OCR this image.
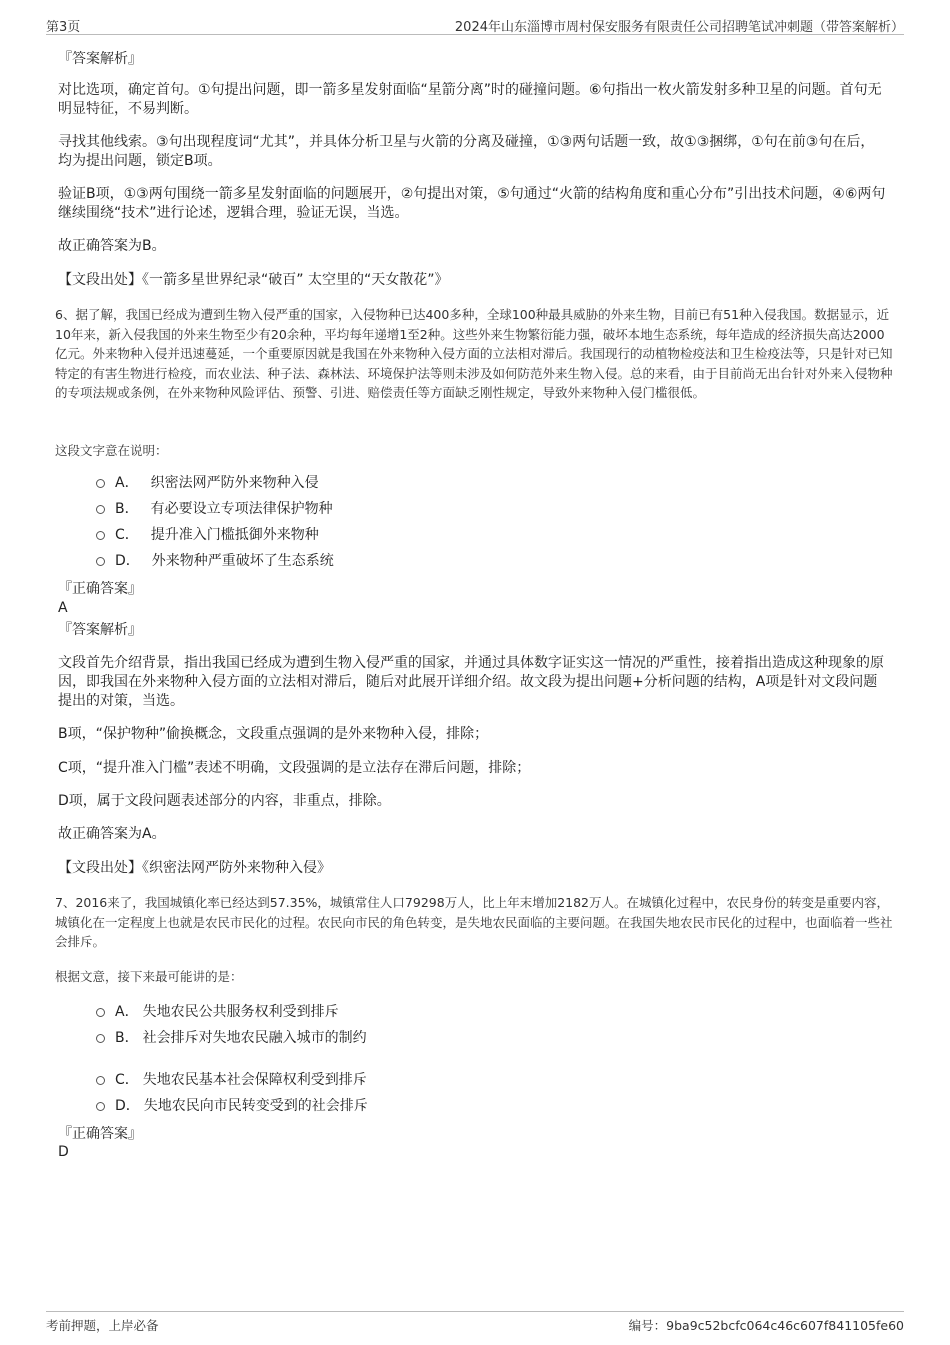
第3页	2024年山东淄博市周村保安服务有限责任公司招聘笔试冲刺题（带答案解析）
『答案解析』
对比选项，确定首句。①句提出问题，即一箭多星发射面临“星箭分离”时的碰撞问题。⑥句指出一枚火箭发射多种卫星的问题。首句无明显特征，不易判断。
寻找其他线索。③句出现程度词“尤其”，并具体分析卫星与火箭的分离及碰撞，①③两句话题一致，故①③捆绑，①句在前③句在后，均为提出问题，锁定B项。
验证B项，①③两句围绕一箭多星发射面临的问题展开，②句提出对策，⑤句通过“火箭的结构角度和重心分布”引出技术问题，④⑥两句继续围绕“技术”进行论述，逻辑合理，验证无误，当选。
故正确答案为B。
【文段出处】《一箭多星世界纪录“破百” 太空里的“天女散花”》
6、据了解，我国已经成为遭到生物入侵严重的国家，入侵物种已达400多种，全球100种最具威胁的外来生物，目前已有51种入侵我国。数据显示，近10年来，新入侵我国的外来生物至少有20余种，平均每年递增1至2种。这些外来生物繁衍能力强，破坏本地生态系统，每年造成的经济损失高达2000亿元。外来物种入侵并迅速蔓延，一个重要原因就是我国在外来物种入侵方面的立法相对滞后。我国现行的动植物检疫法和卫生检疫法等，只是针对已知特定的有害生物进行检疫，而农业法、种子法、森林法、环境保护法等则未涉及如何防范外来生物入侵。总的来看，由于目前尚无出台针对外来入侵物种的专项法规或条例，在外来物种风险评估、预警、引进、赔偿责任等方面缺乏刚性规定，导致外来物种入侵门槛很低。
这段文字意在说明：
A． 织密法网严防外来物种入侵
B． 有必要设立专项法律保护物种
C． 提升准入门槛抵御外来物种
D． 外来物种严重破坏了生态系统
『正确答案』
A
『答案解析』
文段首先介绍背景，指出我国已经成为遭到生物入侵严重的国家，并通过具体数字证实这一情况的严重性，接着指出造成这种现象的原因，即我国在外来物种入侵方面的立法相对滞后，随后对此展开详细介绍。故文段为提出问题+分析问题的结构，A项是针对文段问题提出的对策，当选。
B项，“保护物种”偷换概念，文段重点强调的是外来物种入侵，排除；
C项，“提升准入门槛”表述不明确，文段强调的是立法存在滞后问题，排除；
D项，属于文段问题表述部分的内容，非重点，排除。
故正确答案为A。
【文段出处】《织密法网严防外来物种入侵》
7、2016来了，我国城镇化率已经达到57.35%，城镇常住人口79298万人，比上年末增加2182万人。在城镇化过程中，农民身份的转变是重要内容，城镇化在一定程度上也就是农民市民化的过程。农民向市民的角色转变，是失地农民面临的主要问题。在我国失地农民市民化的过程中，也面临着一些社会排斥。
根据文意，接下来最可能讲的是：
A． 失地农民公共服务权利受到排斥
B． 社会排斥对失地农民融入城市的制约
C． 失地农民基本社会保障权利受到排斥
D． 失地农民向市民转变受到的社会排斥
『正确答案』
D
考前押题，上岸必备	编号：9ba9c52bcfc064c46c607f841105fe60
